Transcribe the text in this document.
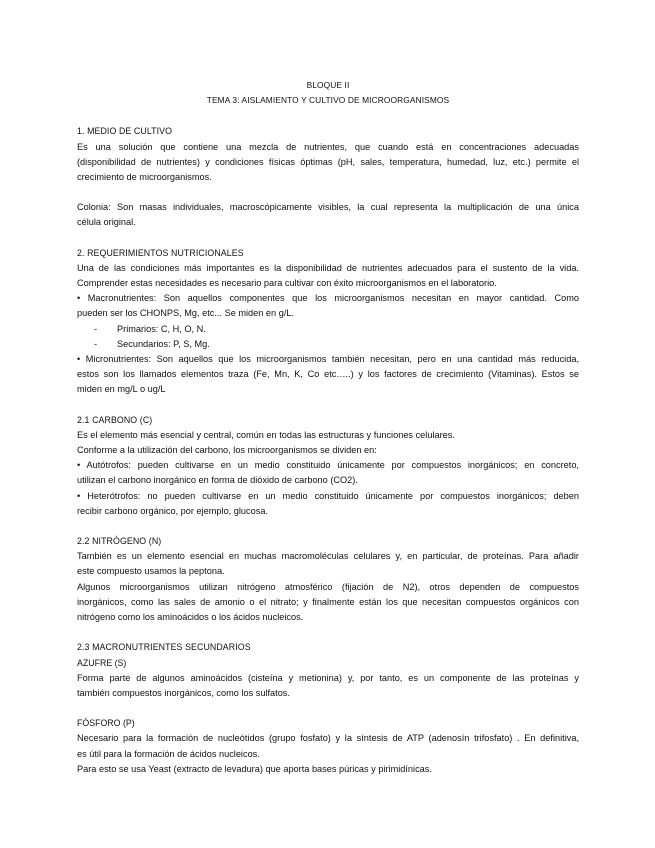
BLOQUE II
TEMA 3: AISLAMIENTO Y CULTIVO DE MICROORGANISMOS
1. MEDIO DE CULTIVO
Es una solución que contiene una mezcla de nutrientes, que cuando está en concentraciones adecuadas
(disponibilidad de nutrientes) y condiciones físicas óptimas (pH, sales, temperatura, humedad, luz, etc.) permite el
crecimiento de microorganismos.
Colonia: Son masas individuales, macroscópicamente visibles, la cual representa la multiplicación de una única
célula original.
2. REQUERIMIENTOS NUTRICIONALES
Una de las condiciones más importantes es la disponibilidad de nutrientes adecuados para el sustento de la vida.
Comprender estas necesidades es necesario para cultivar con éxito microorganismos en el laboratorio.
• Macronutrientes: Son aquellos componentes que los microorganismos necesitan en mayor cantidad. Como
pueden ser los CHONPS, Mg, etc... Se miden en g/L.
- Primarios: C, H, O, N.
- Secundarios: P, S, Mg.
• Micronutrientes: Son aquellos que los microorganismos también necesitan, pero en una cantidad más reducida,
estos son los llamados elementos traza (Fe, Mn, K, Co etc…..) y los factores de crecimiento (Vitaminas). Estos se
miden en mg/L o ug/L
2.1 CARBONO (C)
Es el elemento más esencial y central, común en todas las estructuras y funciones celulares.
Conforme a la utilización del carbono, los microorganismos se dividen en:
• Autótrofos: pueden cultivarse en un medio constituido únicamente por compuestos inorgánicos; en concreto,
utilizan el carbono inorgánico en forma de dióxido de carbono (CO2).
• Heterótrofos: no pueden cultivarse en un medio constituido únicamente por compuestos inorgánicos; deben
recibir carbono orgánico, por ejemplo, glucosa.
2.2 NITRÓGENO (N)
También es un elemento esencial en muchas macromoléculas celulares y, en particular, de proteínas. Para añadir
este compuesto usamos la peptona.
Algunos microorganismos utilizan nitrógeno atmosférico (fijación de N2), otros dependen de compuestos
inorgánicos, como las sales de amonio o el nitrato; y finalmente están los que necesitan compuestos orgánicos con
nitrógeno como los aminoácidos o los ácidos nucleicos.
2.3 MACRONUTRIENTES SECUNDARIOS
AZUFRE (S)
Forma parte de algunos aminoácidos (cisteína y metionina) y, por tanto, es un componente de las proteínas y
también compuestos inorgánicos, como los sulfatos.
FÓSFORO (P)
Necesario para la formación de nucleótidos (grupo fosfato) y la síntesis de ATP (adenosín trifosfato) . En definitiva,
es útil para la formación de ácidos nucleicos.
Para esto se usa Yeast (extracto de levadura) que aporta bases púricas y pirimidínicas.
